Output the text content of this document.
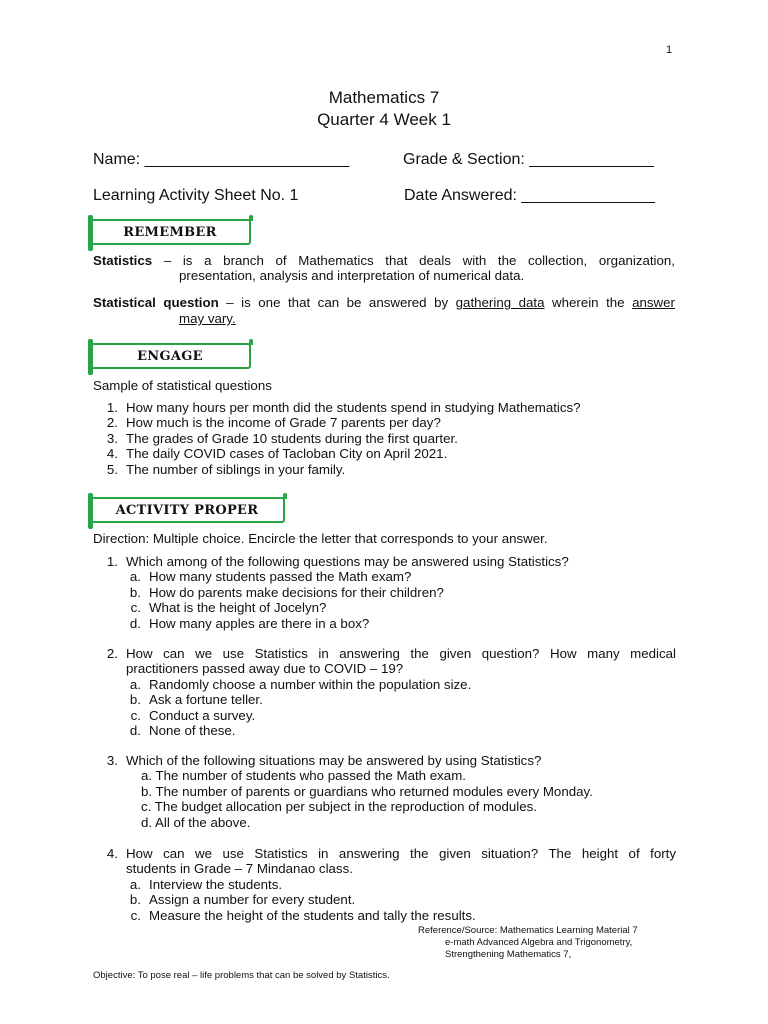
1
Mathematics 7
Quarter 4 Week 1
Name: _______________________	Grade & Section: ______________
Learning Activity Sheet No. 1	Date Answered: _______________
REMEMBER
Statistics – is a branch of Mathematics that deals with the collection, organization,
presentation, analysis and interpretation of numerical data.
Statistical question – is one that can be answered by gathering data wherein the answer
may vary.
ENGAGE
Sample of statistical questions
1. How many hours per month did the students spend in studying Mathematics?
2. How much is the income of Grade 7 parents per day?
3. The grades of Grade 10 students during the first quarter.
4. The daily COVID cases of Tacloban City on April 2021.
5. The number of siblings in your family.
ACTIVITY PROPER
Direction: Multiple choice. Encircle the letter that corresponds to your answer.
1. Which among of the following questions may be answered using Statistics?
a. How many students passed the Math exam?
b. How do parents make decisions for their children?
c. What is the height of Jocelyn?
d. How many apples are there in a box?
2. How can we use Statistics in answering the given question? How many medical
practitioners passed away due to COVID – 19?
a. Randomly choose a number within the population size.
b. Ask a fortune teller.
c. Conduct a survey.
d. None of these.
3. Which of the following situations may be answered by using Statistics?
a. The number of students who passed the Math exam.
b. The number of parents or guardians who returned modules every Monday.
c. The budget allocation per subject in the reproduction of modules.
d. All of the above.
4. How can we use Statistics in answering the given situation? The height of forty
students in Grade – 7 Mindanao class.
a. Interview the students.
b. Assign a number for every student.
c. Measure the height of the students and tally the results.
Reference/Source: Mathematics Learning Material 7
e-math Advanced Algebra and Trigonometry,
Strengthening Mathematics 7,
Objective: To pose real – life problems that can be solved by Statistics.
